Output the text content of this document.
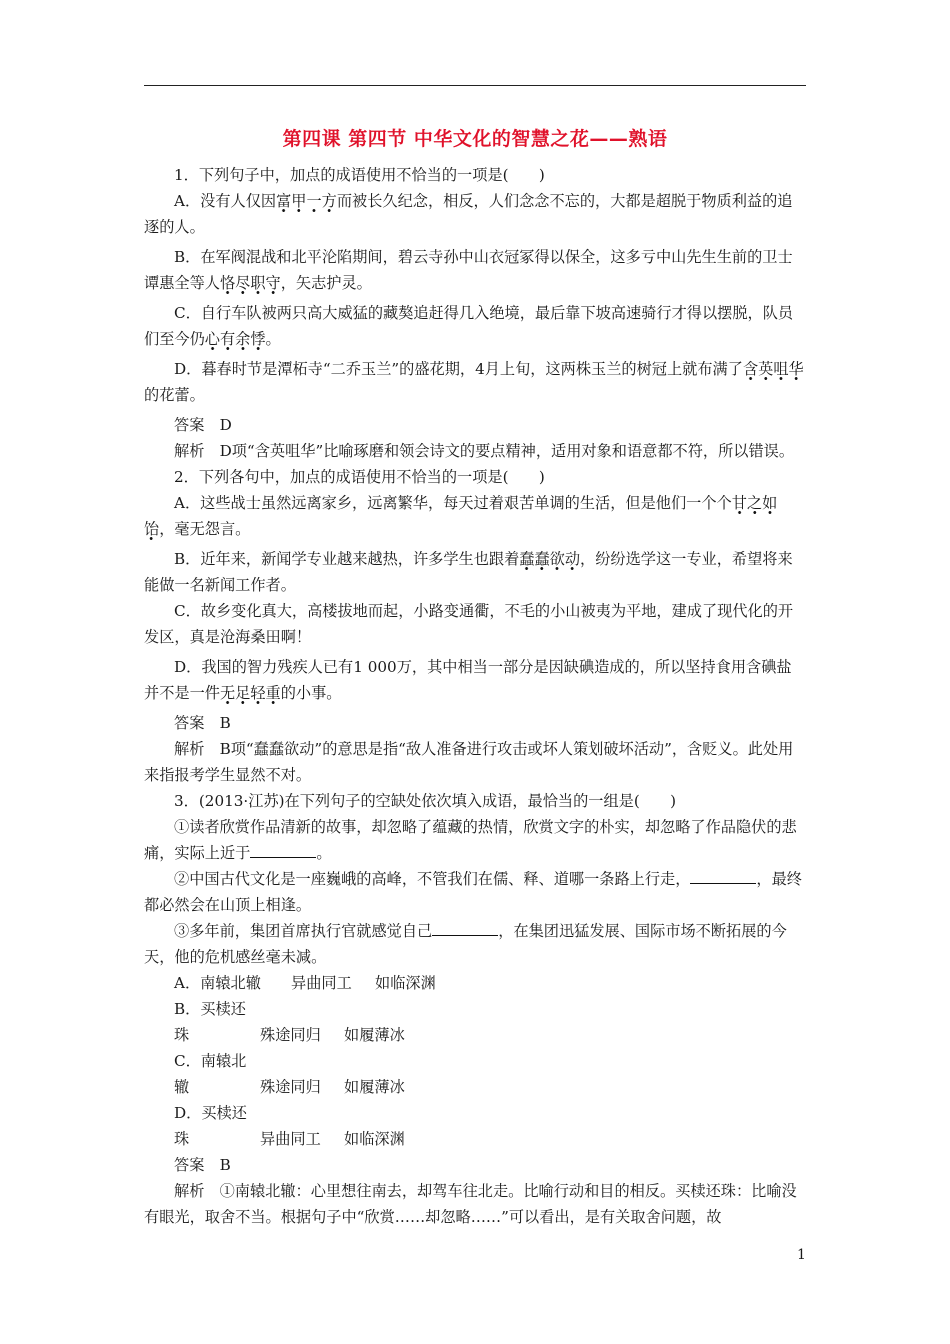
第四课 第四节 中华文化的智慧之花——熟语

1．下列句子中，加点的成语使用不恰当的一项是(　　)

A．没有人仅因富甲一方而被长久纪念，相反，人们念念不忘的，大都是超脱于物质利益的追逐的人。

B．在军阀混战和北平沦陷期间，碧云寺孙中山衣冠冢得以保全，这多亏中山先生生前的卫士谭惠全等人恪尽职守，矢志护灵。

C．自行车队被两只高大威猛的藏獒追赶得几入绝境，最后靠下坡高速骑行才得以摆脱，队员们至今仍心有余悸。

D．暮春时节是潭柘寺“二乔玉兰”的盛花期，4月上旬，这两株玉兰的树冠上就布满了含英咀华的花蕾。

答案　D

解析　D项“含英咀华”比喻琢磨和领会诗文的要点精神，适用对象和语意都不符，所以错误。

2．下列各句中，加点的成语使用不恰当的一项是(　　)

A．这些战士虽然远离家乡，远离繁华，每天过着艰苦单调的生活，但是他们一个个甘之如饴，毫无怨言。

B．近年来，新闻学专业越来越热，许多学生也跟着蠢蠢欲动，纷纷选学这一专业，希望将来能做一名新闻工作者。

C．故乡变化真大，高楼拔地而起，小路变通衢，不毛的小山被夷为平地，建成了现代化的开发区，真是沧海桑田啊！

D．我国的智力残疾人已有1 000万，其中相当一部分是因缺碘造成的，所以坚持食用含碘盐并不是一件无足轻重的小事。

答案　B

解析　B项“蠢蠢欲动”的意思是指“敌人准备进行攻击或坏人策划破坏活动”，含贬义。此处用来指报考学生显然不对。

3．(2013·江苏)在下列句子的空缺处依次填入成语，最恰当的一组是(　　)

①读者欣赏作品清新的故事，却忽略了蕴藏的热情，欣赏文字的朴实，却忽略了作品隐伏的悲痛，实际上近于	。

②中国古代文化是一座巍峨的高峰，不管我们在儒、释、道哪一条路上行走，	，最终都必然会在山顶上相逢。

③多年前，集团首席执行官就感觉自己	，在集团迅猛发展、国际市场不断拓展的今天，他的危机感丝毫未减。

A．南辕北辙 异曲同工 如临深渊
B．买椟还珠	殊途同归 如履薄冰
C．南辕北辙	殊途同归 如履薄冰
D．买椟还珠	异曲同工 如临深渊

答案　B

解析　①南辕北辙：心里想往南去，却驾车往北走。比喻行动和目的相反。买椟还珠：比喻没有眼光，取舍不当。根据句子中“欣赏……却忽略……”可以看出，是有关取舍问题，故

1
